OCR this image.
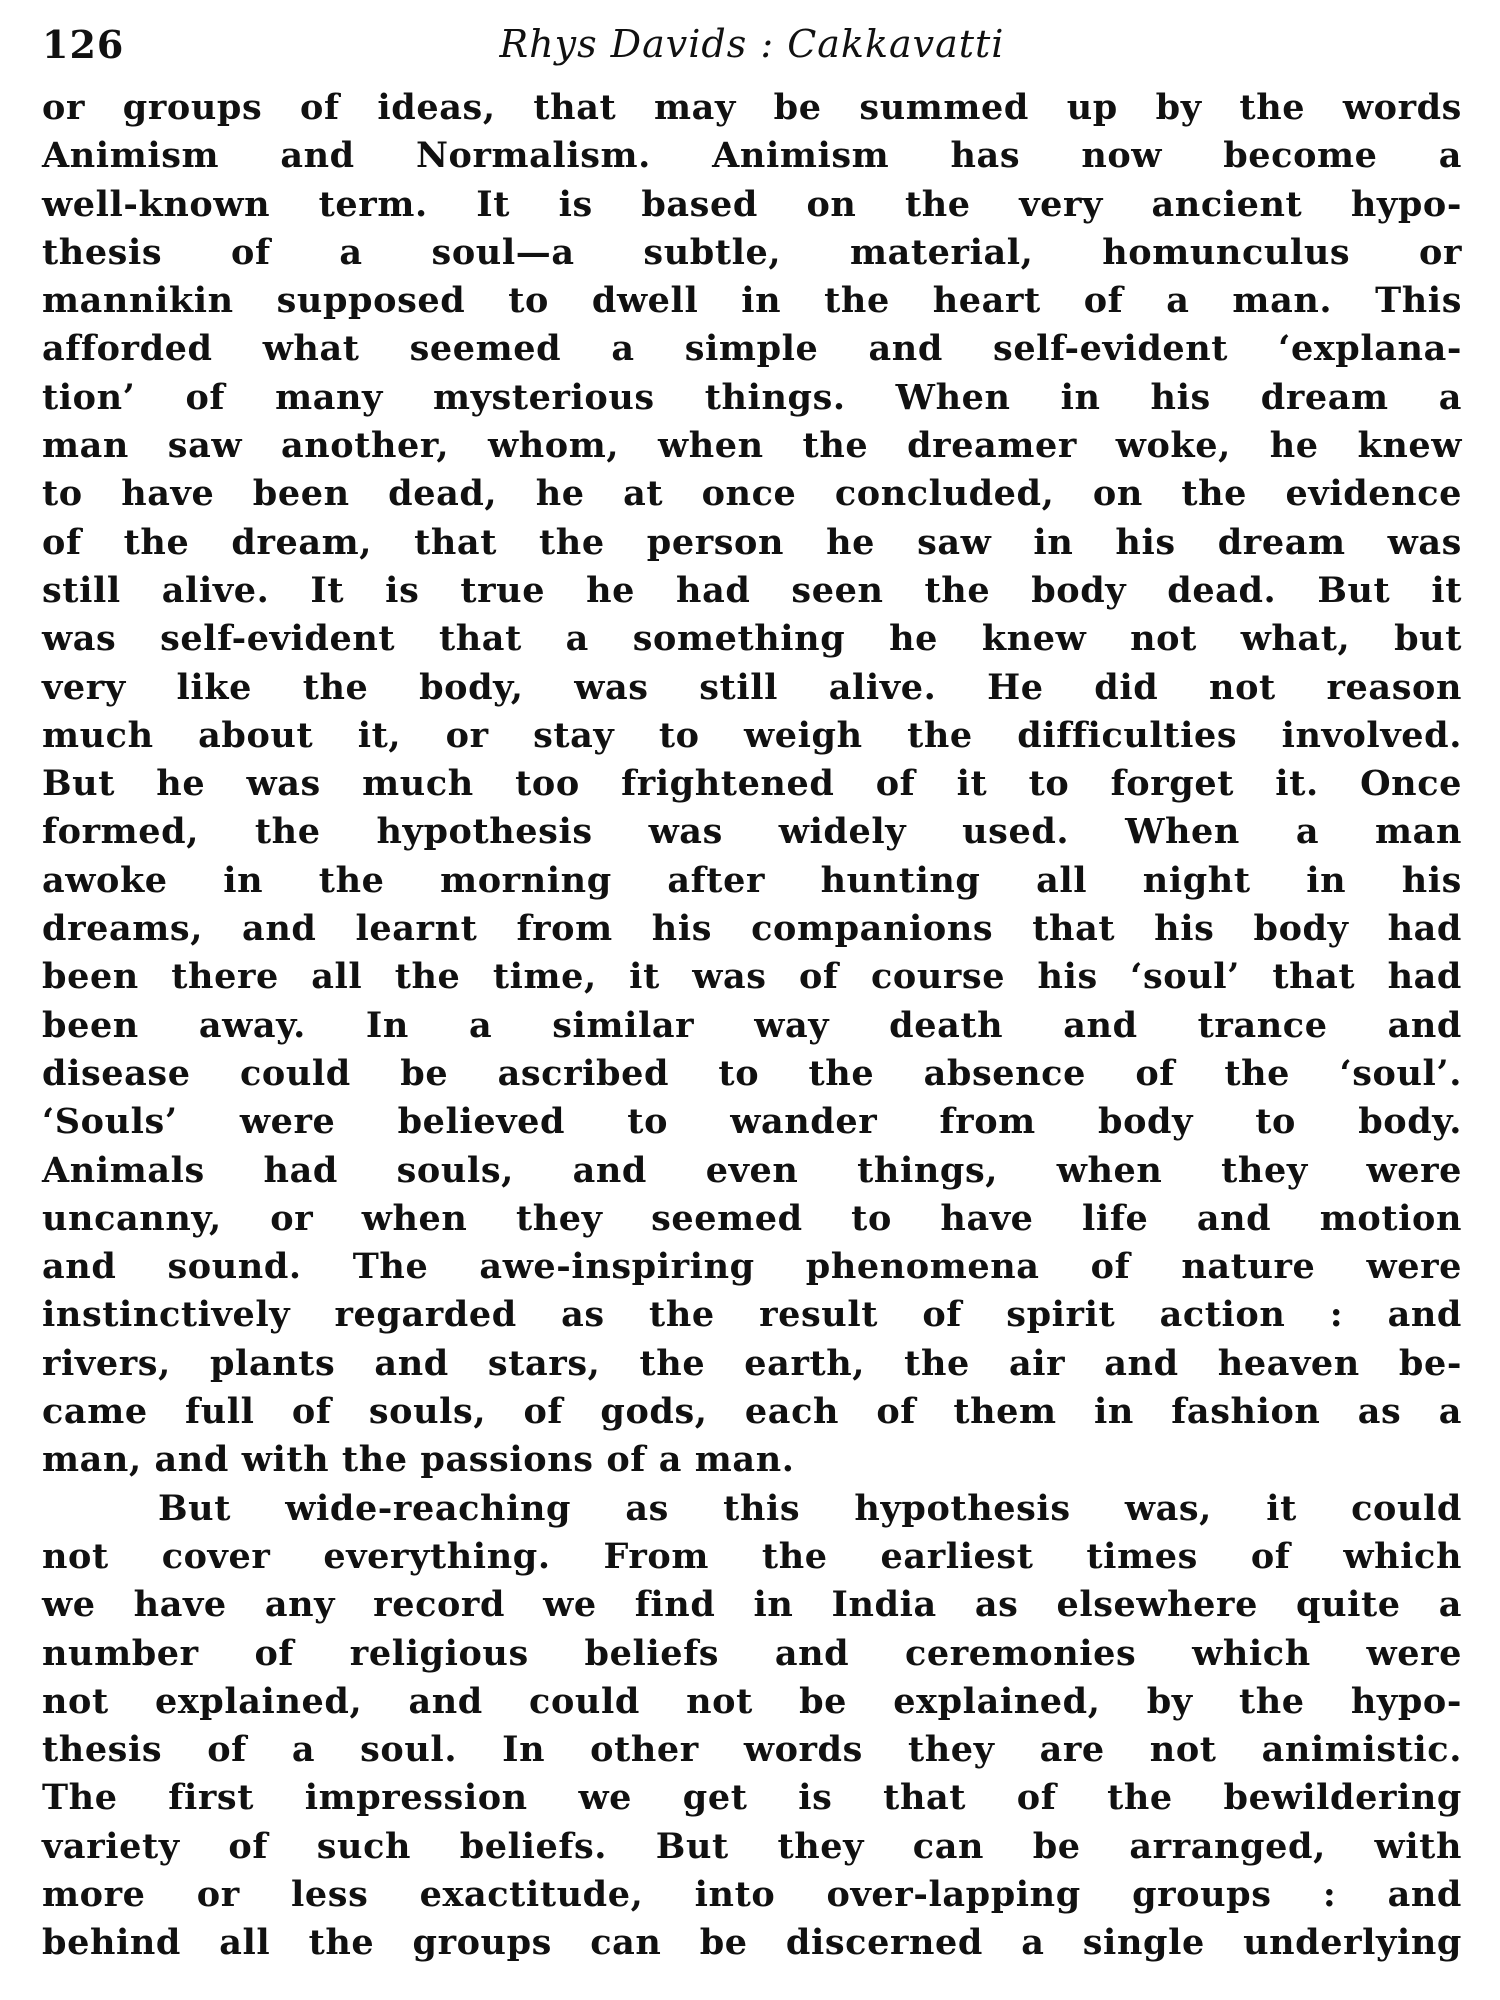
126	Rhys Davids : Cakkavatti
or groups of ideas, that may be summed up by the words
Animism and Normalism. Animism has now become a
well-known term. It is based on the very ancient hypo-
thesis of a soul—a subtle, material, homunculus or
mannikin supposed to dwell in the heart of a man. This
afforded what seemed a simple and self-evident ‘explana-
tion’ of many mysterious things. When in his dream a
man saw another, whom, when the dreamer woke, he knew
to have been dead, he at once concluded, on the evidence
of the dream, that the person he saw in his dream was
still alive. It is true he had seen the body dead. But it
was self-evident that a something he knew not what, but
very like the body, was still alive. He did not reason
much about it, or stay to weigh the difficulties involved.
But he was much too frightened of it to forget it. Once
formed, the hypothesis was widely used. When a man
awoke in the morning after hunting all night in his
dreams, and learnt from his companions that his body had
been there all the time, it was of course his ‘soul’ that had
been away. In a similar way death and trance and
disease could be ascribed to the absence of the ‘soul’.
‘Souls’ were believed to wander from body to body.
Animals had souls, and even things, when they were
uncanny, or when they seemed to have life and motion
and sound. The awe-inspiring phenomena of nature were
instinctively regarded as the result of spirit action : and
rivers, plants and stars, the earth, the air and heaven be-
came full of souls, of gods, each of them in fashion as a
man, and with the passions of a man.
But wide-reaching as this hypothesis was, it could
not cover everything. From the earliest times of which
we have any record we find in India as elsewhere quite a
number of religious beliefs and ceremonies which were
not explained, and could not be explained, by the hypo-
thesis of a soul. In other words they are not animistic.
The first impression we get is that of the bewildering
variety of such beliefs. But they can be arranged, with
more or less exactitude, into over-lapping groups : and
behind all the groups can be discerned a single underlying
